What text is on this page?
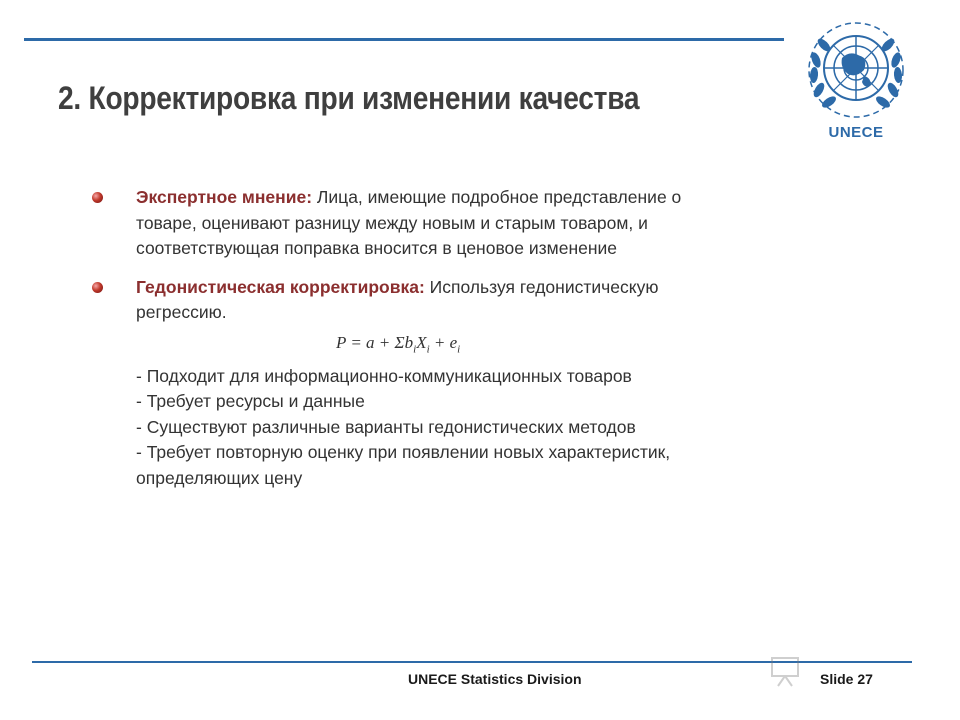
2. Корректировка при изменении качества
UNECE
Экспертное мнение: Лица, имеющие подробное представление о
товаре, оценивают разницу между новым и старым товаром, и
соответствующая поправка вносится в ценовое изменение
Гедонистическая корректировка: Используя гедонистическую
регрессию.
$P = a + \Sigma b_iX_i + e_i$
- Подходит для информационно-коммуникационных товаров
- Требует ресурсы и данные
- Существуют различные варианты гедонистических методов
- Требует повторную оценку при появлении новых характеристик,
определяющих цену
UNECE Statistics Division	Slide 27
